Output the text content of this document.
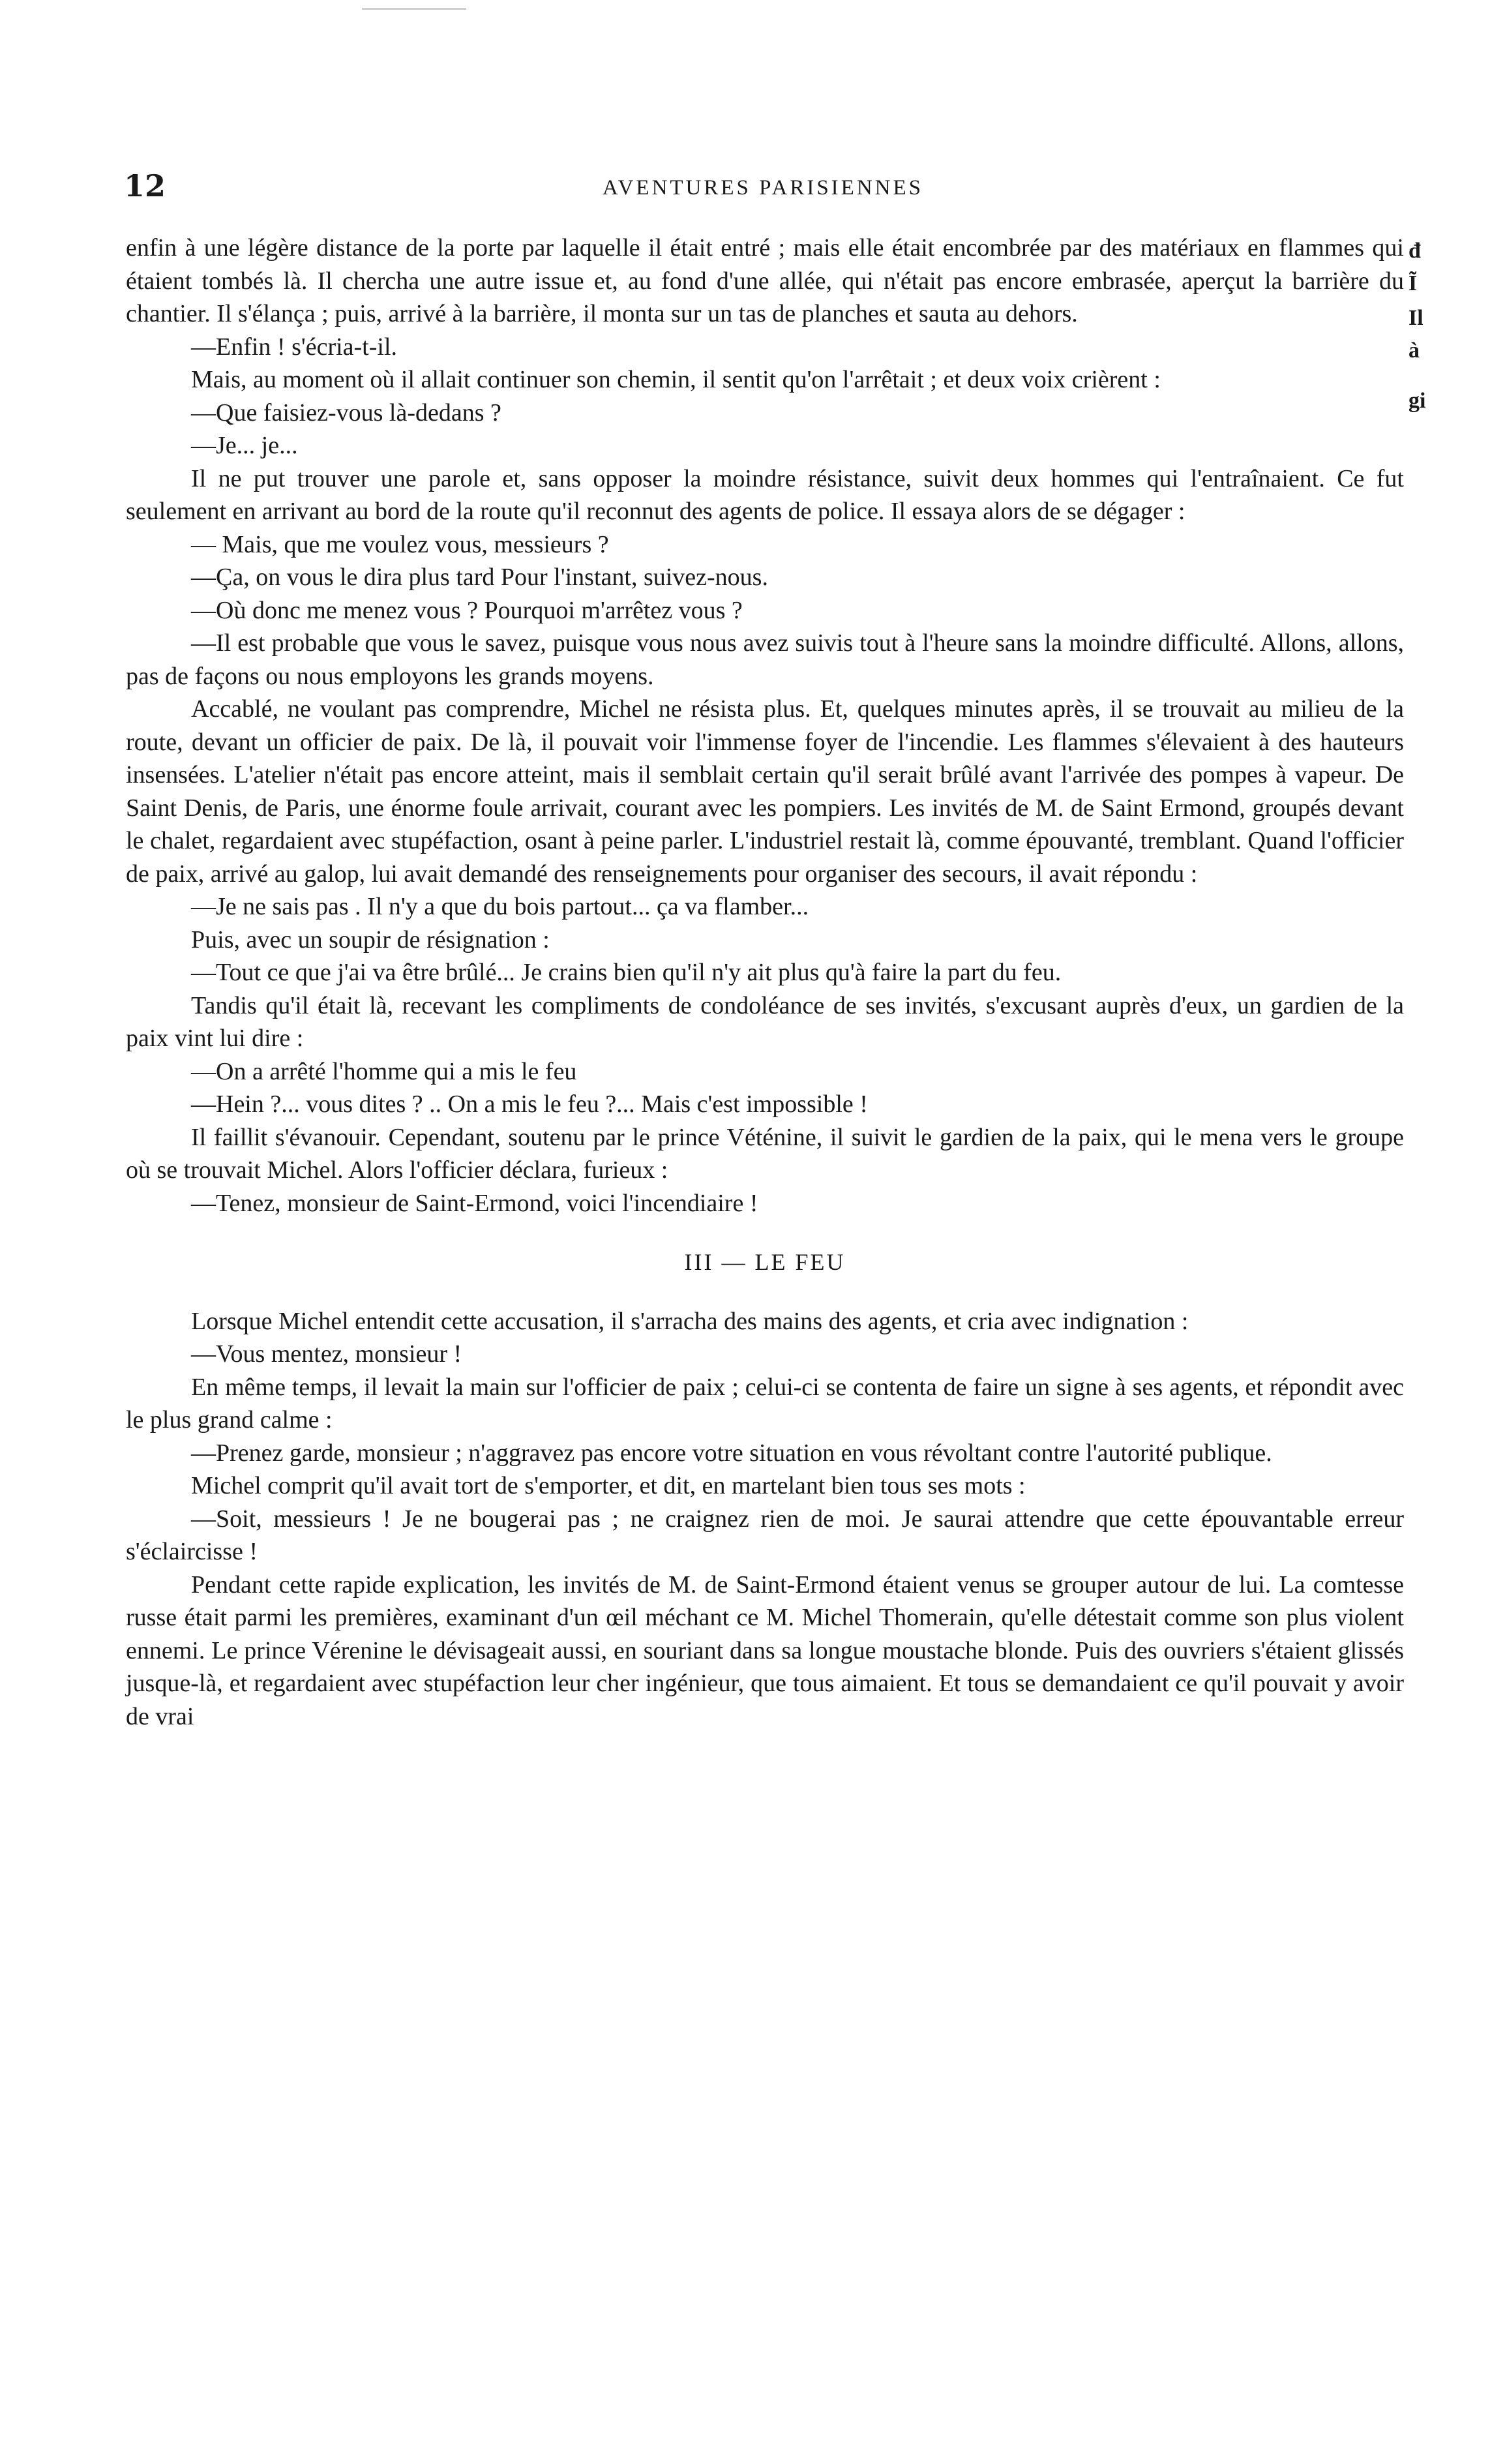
12	AVENTURES PARISIENNES
đ
Ĩ
Il
à
gi

enfin à une légère distance de la porte par laquelle il était entré ; mais elle était encombrée par des matériaux en flammes qui étaient tombés là. Il chercha une autre issue et, au fond d'une allée, qui n'était pas encore embrasée, aperçut la barrière du chantier. Il s'élança ; puis, arrivé à la barrière, il monta sur un tas de planches et sauta au dehors.

—Enfin ! s'écria-t-il.

Mais, au moment où il allait continuer son chemin, il sentit qu'on l'arrêtait ; et deux voix crièrent :

—Que faisiez-vous là-dedans ?

—Je... je...

Il ne put trouver une parole et, sans opposer la moindre résistance, suivit deux hommes qui l'entraînaient. Ce fut seulement en arrivant au bord de la route qu'il reconnut des agents de police. Il essaya alors de se dégager :

— Mais, que me voulez vous, messieurs ?

—Ça, on vous le dira plus tard Pour l'instant, suivez-nous.

—Où donc me menez vous ? Pourquoi m'arrêtez vous ?

—Il est probable que vous le savez, puisque vous nous avez suivis tout à l'heure sans la moindre difficulté. Allons, allons, pas de façons ou nous employons les grands moyens.

Accablé, ne voulant pas comprendre, Michel ne résista plus. Et, quelques minutes après, il se trouvait au milieu de la route, devant un officier de paix. De là, il pouvait voir l'immense foyer de l'incendie. Les flammes s'élevaient à des hauteurs insensées. L'atelier n'était pas encore atteint, mais il semblait certain qu'il serait brûlé avant l'arrivée des pompes à vapeur. De Saint Denis, de Paris, une énorme foule arrivait, courant avec les pompiers. Les invités de M. de Saint Ermond, groupés devant le chalet, regardaient avec stupéfaction, osant à peine parler. L'industriel restait là, comme épouvanté, tremblant. Quand l'officier de paix, arrivé au galop, lui avait demandé des renseignements pour organiser des secours, il avait répondu :

—Je ne sais pas . Il n'y a que du bois partout... ça va flamber...

Puis, avec un soupir de résignation :

—Tout ce que j'ai va être brûlé... Je crains bien qu'il n'y ait plus qu'à faire la part du feu.

Tandis qu'il était là, recevant les compliments de condoléance de ses invités, s'excusant auprès d'eux, un gardien de la paix vint lui dire :

—On a arrêté l'homme qui a mis le feu

—Hein ?... vous dites ? .. On a mis le feu ?... Mais c'est impossible !

Il faillit s'évanouir. Cependant, soutenu par le prince Véténine, il suivit le gardien de la paix, qui le mena vers le groupe où se trouvait Michel. Alors l'officier déclara, furieux :

—Tenez, monsieur de Saint-Ermond, voici l'incendiaire !

III — LE FEU

Lorsque Michel entendit cette accusation, il s'arracha des mains des agents, et cria avec indignation :

—Vous mentez, monsieur !

En même temps, il levait la main sur l'officier de paix ; celui-ci se contenta de faire un signe à ses agents, et répondit avec le plus grand calme :

—Prenez garde, monsieur ; n'aggravez pas encore votre situation en vous révoltant contre l'autorité publique.

Michel comprit qu'il avait tort de s'emporter, et dit, en martelant bien tous ses mots :

—Soit, messieurs ! Je ne bougerai pas ; ne craignez rien de moi. Je saurai attendre que cette épouvantable erreur s'éclaircisse !

Pendant cette rapide explication, les invités de M. de Saint-Ermond étaient venus se grouper autour de lui. La comtesse russe était parmi les premières, examinant d'un œil méchant ce M. Michel Thomerain, qu'elle détestait comme son plus violent ennemi. Le prince Vérenine le dévisageait aussi, en souriant dans sa longue moustache blonde. Puis des ouvriers s'étaient glissés jusque-là, et regardaient avec stupéfaction leur cher ingénieur, que tous aimaient. Et tous se demandaient ce qu'il pouvait y avoir de vrai
